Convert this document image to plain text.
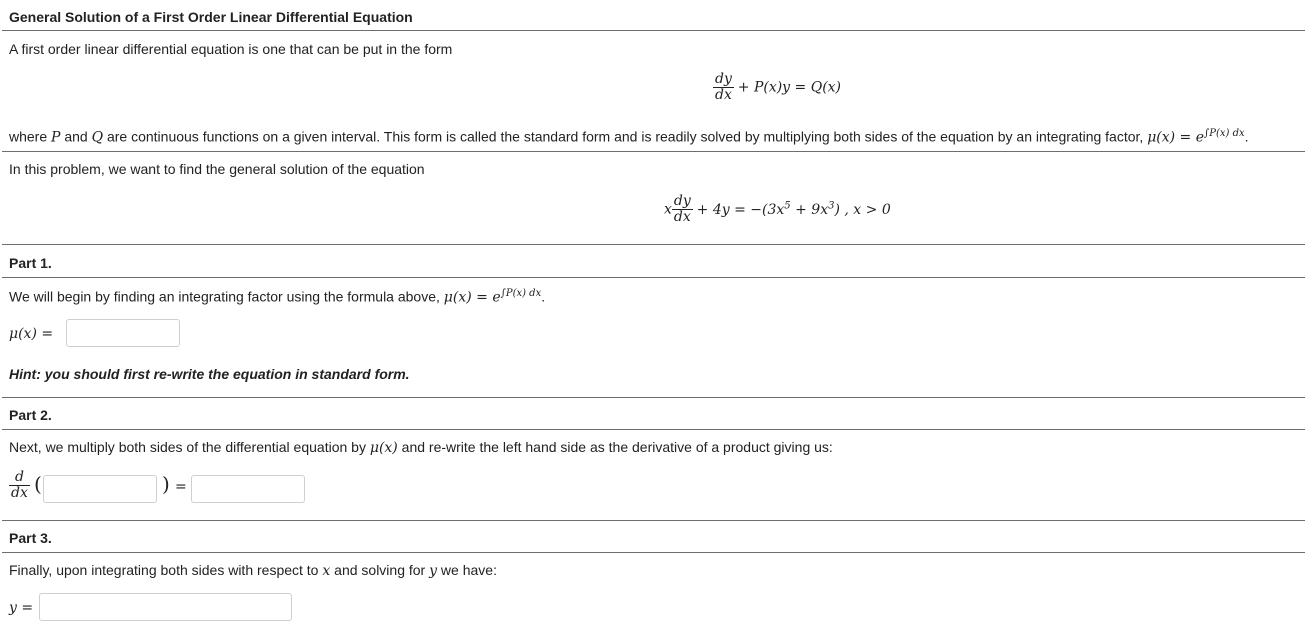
General Solution of a First Order Linear Differential Equation
A first order linear differential equation is one that can be put in the form
$\frac{dy}{dx} + P(x)y = Q(x)$
where P and Q are continuous functions on a given interval. This form is called the standard form and is readily solved by multiplying both sides of the equation by an integrating factor, $\mu(x) = e^{\int P(x) dx}$.
In this problem, we want to find the general solution of the equation
x $\frac{dy}{dx} + 4y = -(3x^5 + 9x^3)$ , x > 0
Part 1.
We will begin by finding an integrating factor using the formula above, $\mu(x) = e^{\int P(x) dx}$.
μ(x) =
Hint: you should first re-write the equation in standard form.
Part 2.
Next, we multiply both sides of the differential equation by μ(x) and re-write the left hand side as the derivative of a product giving us:
$\frac{d}{dx}$ (	) =
Part 3.
Finally, upon integrating both sides with respect to x and solving for y we have:
y =
